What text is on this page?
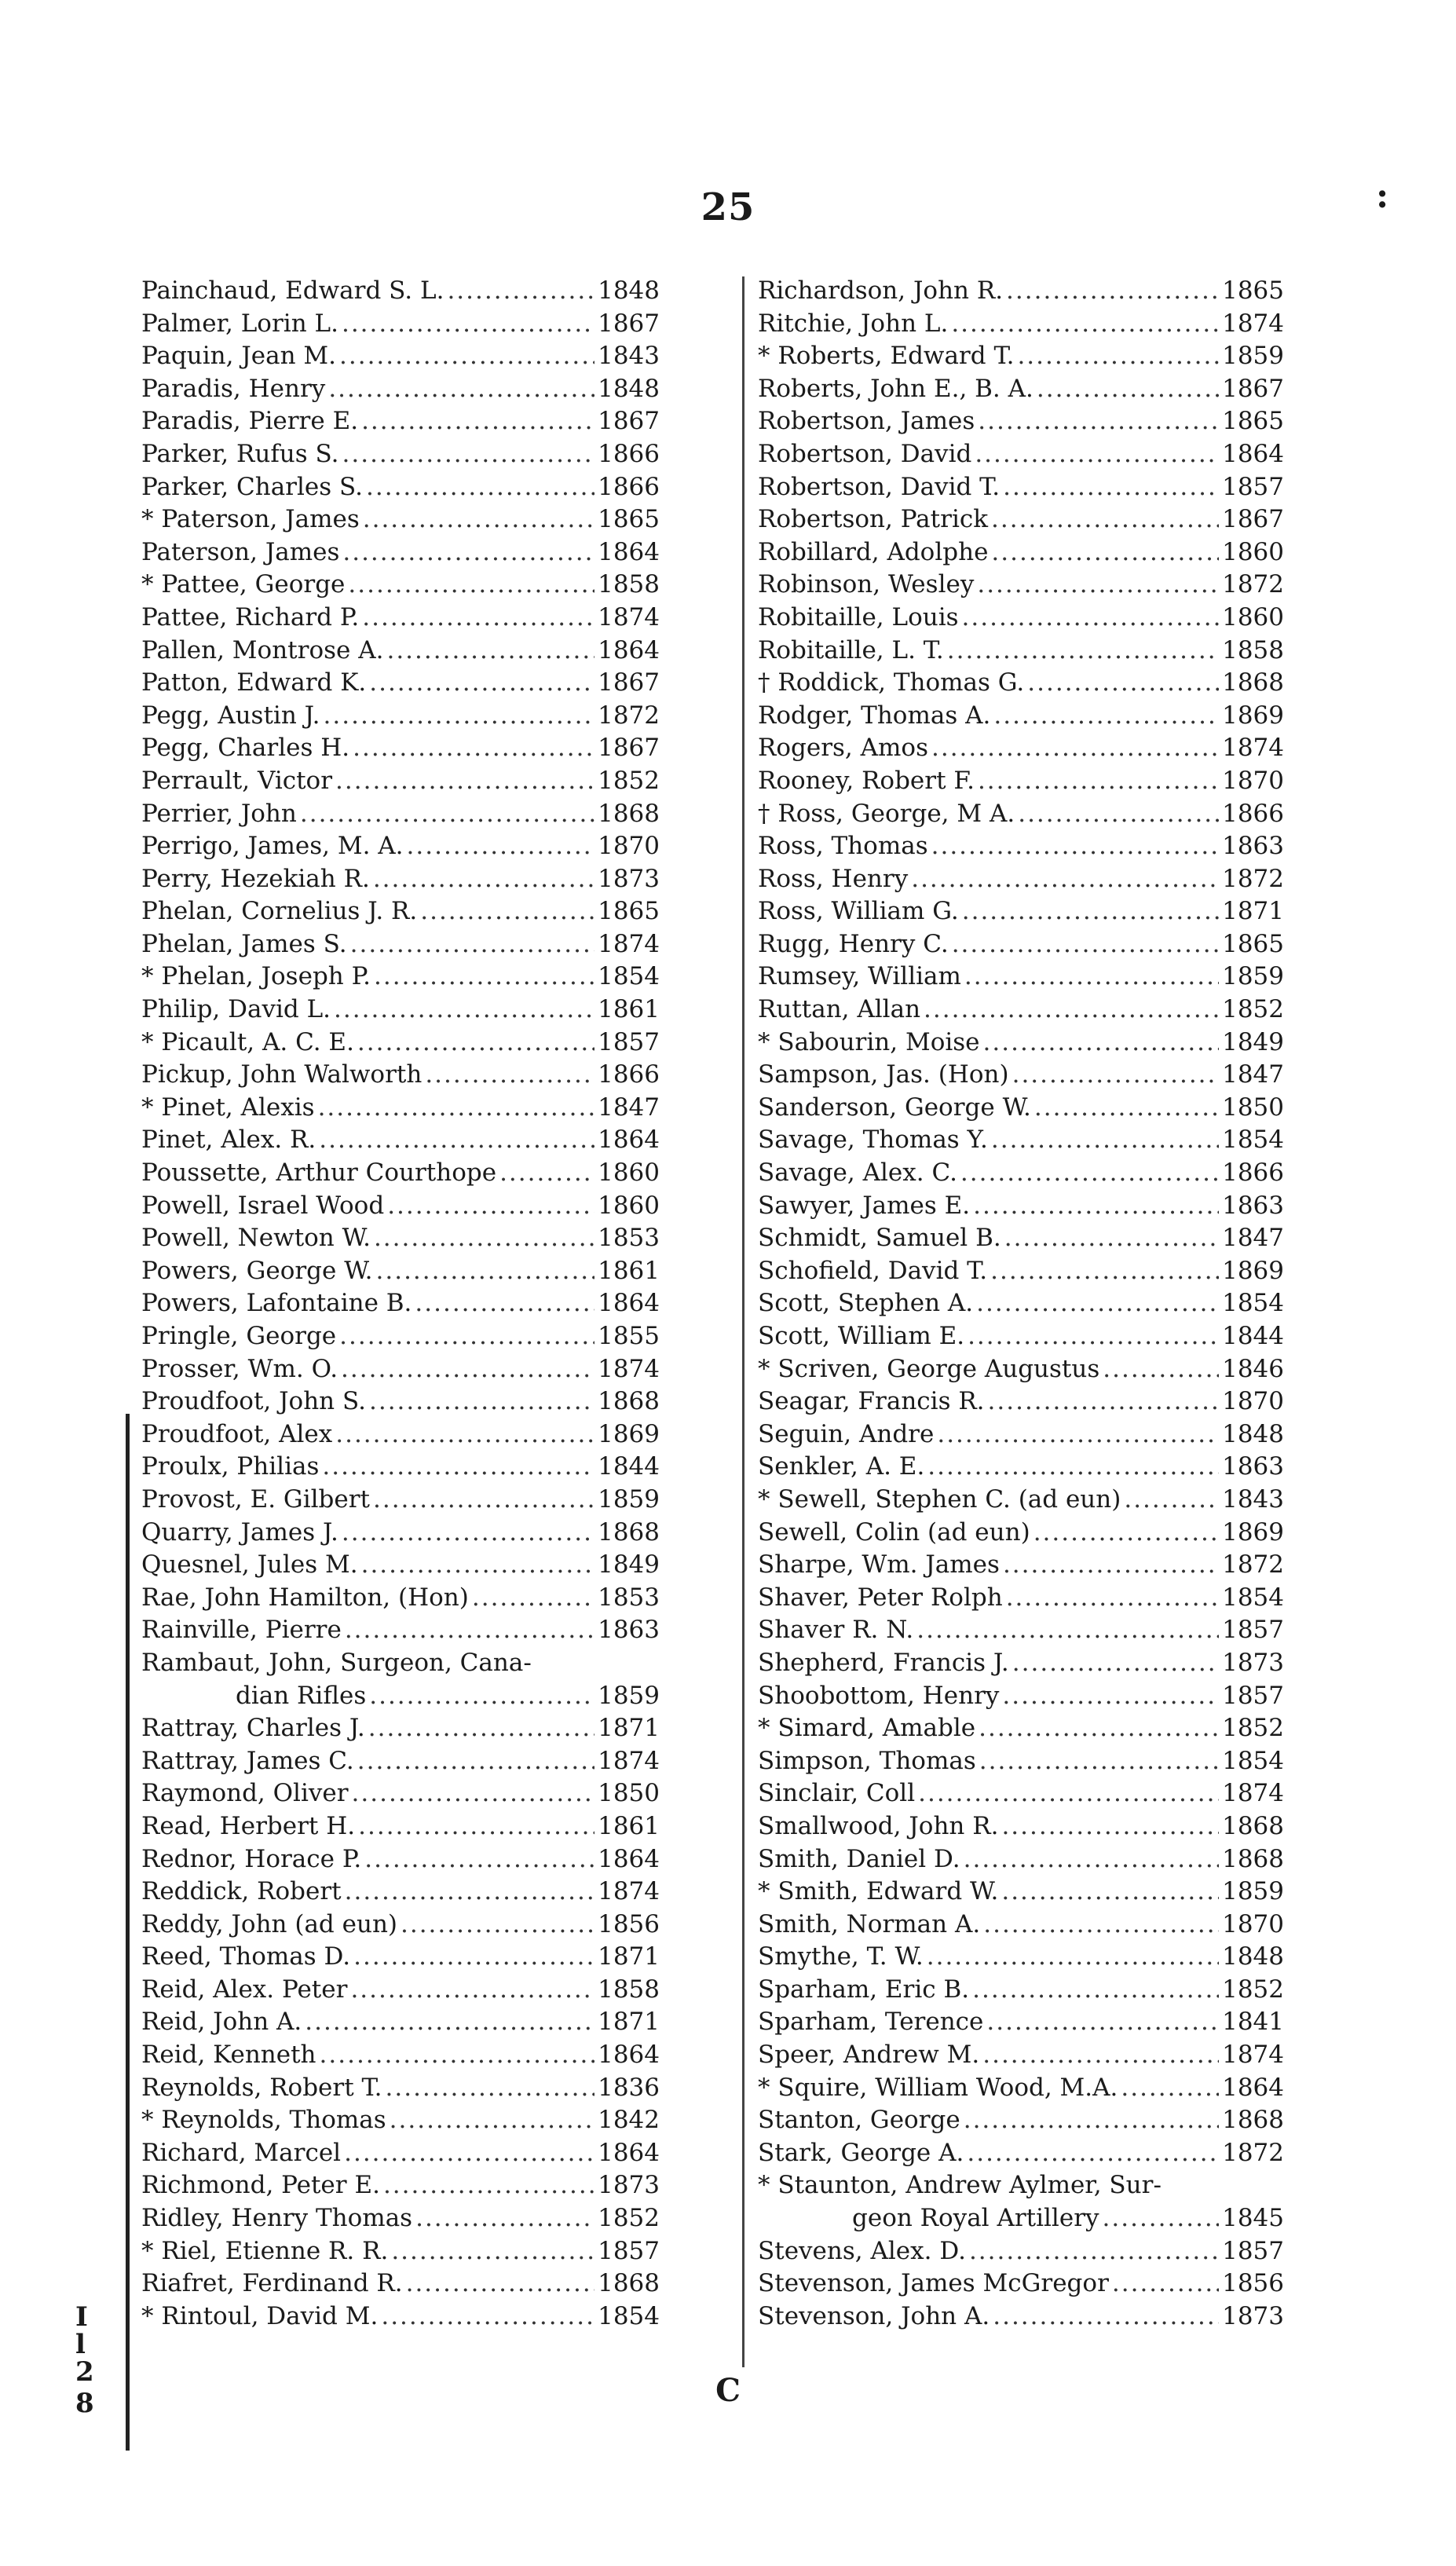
:
25
Painchaud, Edward S. L. .....	1848
Palmer, Lorin L. .....	1867
Paquin, Jean M. .....	1843
Paradis, Henry .....	1848
Paradis, Pierre E. .....	1867
Parker, Rufus S. .....	1866
Parker, Charles S. .....	1866
* Paterson, James .....	1865
Paterson, James .....	1864
* Pattee, George .....	1858
Pattee, Richard P. .....	1874
Pallen, Montrose A. .....	1864
Patton, Edward K. .....	1867
Pegg, Austin J. .....	1872
Pegg, Charles H. .....	1867
Perrault, Victor .....	1852
Perrier, John .....	1868
Perrigo, James, M. A. .....	1870
Perry, Hezekiah R. .....	1873
Phelan, Cornelius J. R. .....	1865
Phelan, James S. .....	1874
* Phelan, Joseph P. .....	1854
Philip, David L. .....	1861
* Picault, A. C. E. .....	1857
Pickup, John Walworth .....	1866
* Pinet, Alexis .....	1847
Pinet, Alex. R. .....	1864
Poussette, Arthur Courthope .....	1860
Powell, Israel Wood .....	1860
Powell, Newton W. .....	1853
Powers, George W. .....	1861
Powers, Lafontaine B. .....	1864
Pringle, George .....	1855
Prosser, Wm. O. .....	1874
Proudfoot, John S. .....	1868
Proudfoot, Alex .....	1869
Proulx, Philias .....	1844
Provost, E. Gilbert .....	1859
Quarry, James J. .....	1868
Quesnel, Jules M. .....	1849
Rae, John Hamilton, (Hon) .....	1853
Rainville, Pierre .....	1863
Rambaut, John, Surgeon, Cana-
dian Rifles .....	1859
Rattray, Charles J. .....	1871
Rattray, James C. .....	1874
Raymond, Oliver .....	1850
Read, Herbert H. .....	1861
Rednor, Horace P. .....	1864
Reddick, Robert .....	1874
Reddy, John (ad eun) .....	1856
Reed, Thomas D. .....	1871
Reid, Alex. Peter .....	1858
Reid, John A. .....	1871
Reid, Kenneth .....	1864
Reynolds, Robert T. .....	1836
* Reynolds, Thomas .....	1842
Richard, Marcel .....	1864
Richmond, Peter E. .....	1873
Ridley, Henry Thomas .....	1852
* Riel, Etienne R. R. .....	1857
Riafret, Ferdinand R. .....	1868
* Rintoul, David M. .....	1854
Richardson, John R. .....	1865
Ritchie, John L. .....	1874
* Roberts, Edward T. .....	1859
Roberts, John E., B. A. .....	1867
Robertson, James .....	1865
Robertson, David .....	1864
Robertson, David T. .....	1857
Robertson, Patrick .....	1867
Robillard, Adolphe .....	1860
Robinson, Wesley .....	1872
Robitaille, Louis .....	1860
Robitaille, L. T. .....	1858
† Roddick, Thomas G. .....	1868
Rodger, Thomas A. .....	1869
Rogers, Amos .....	1874
Rooney, Robert F. .....	1870
† Ross, George, M A. .....	1866
Ross, Thomas .....	1863
Ross, Henry .....	1872
Ross, William G. .....	1871
Rugg, Henry C. .....	1865
Rumsey, William .....	1859
Ruttan, Allan .....	1852
* Sabourin, Moise .....	1849
Sampson, Jas. (Hon) .....	1847
Sanderson, George W. .....	1850
Savage, Thomas Y. .....	1854
Savage, Alex. C. .....	1866
Sawyer, James E. .....	1863
Schmidt, Samuel B. .....	1847
Schofield, David T. .....	1869
Scott, Stephen A. .....	1854
Scott, William E. .....	1844
* Scriven, George Augustus .....	1846
Seagar, Francis R. .....	1870
Seguin, Andre .....	1848
Senkler, A. E. .....	1863
* Sewell, Stephen C. (ad eun) .....	1843
Sewell, Colin (ad eun) .....	1869
Sharpe, Wm. James .....	1872
Shaver, Peter Rolph .....	1854
Shaver R. N. .....	1857
Shepherd, Francis J. .....	1873
Shoobottom, Henry .....	1857
* Simard, Amable .....	1852
Simpson, Thomas .....	1854
Sinclair, Coll .....	1874
Smallwood, John R. .....	1868
Smith, Daniel D. .....	1868
* Smith, Edward W. .....	1859
Smith, Norman A. .....	1870
Smythe, T. W. .....	1848
Sparham, Eric B. .....	1852
Sparham, Terence .....	1841
Speer, Andrew M. .....	1874
* Squire, William Wood, M.A. .....	1864
Stanton, George .....	1868
Stark, George A. .....	1872
* Staunton, Andrew Aylmer, Sur-
geon Royal Artillery .....	1845
Stevens, Alex. D. .....	1857
Stevenson, James McGregor .....	1856
Stevenson, John A. .....	1873
I
l
2
8	C
